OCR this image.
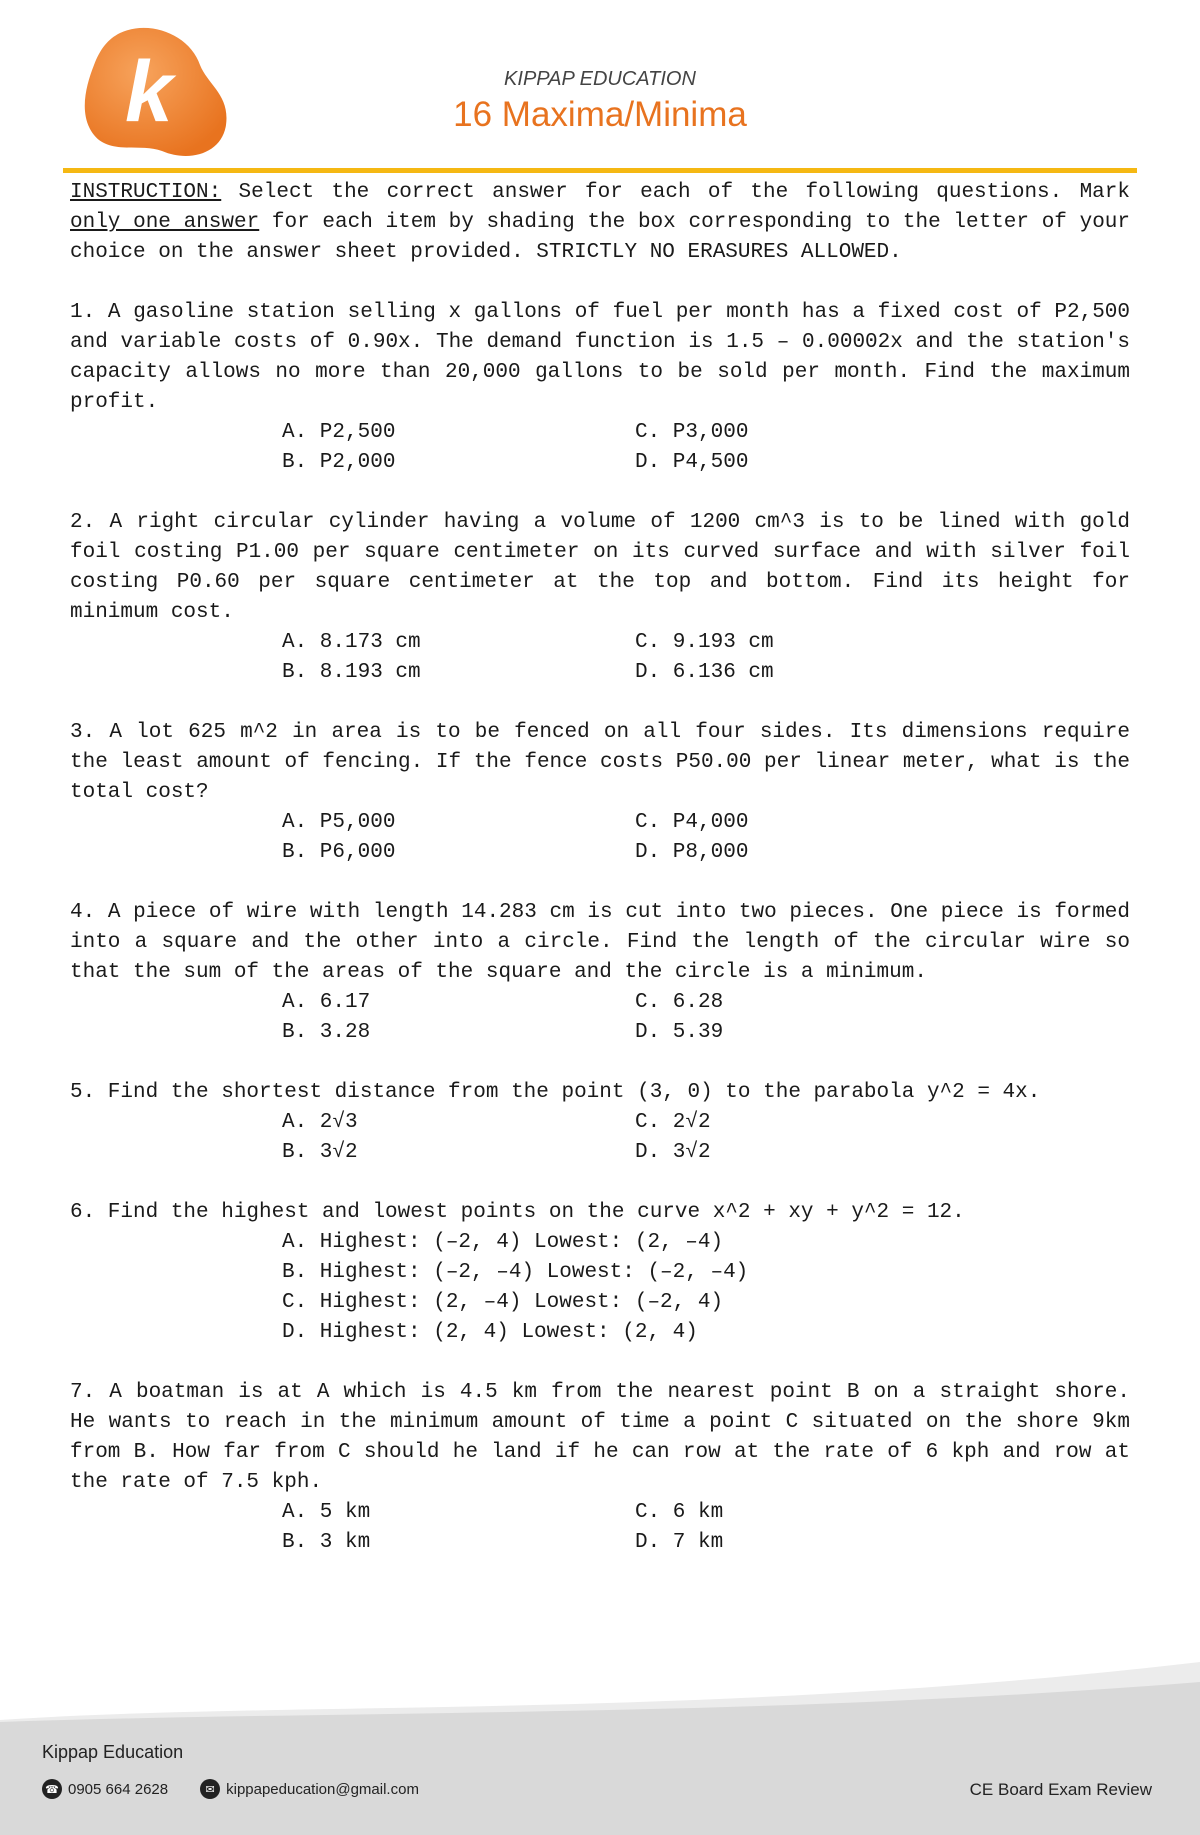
k	KIPPAP EDUCATION
16 Maxima/Minima
INSTRUCTION: Select the correct answer for each of the following questions. Mark only one answer for each item by shading the box corresponding to the letter of your choice on the answer sheet provided. STRICTLY NO ERASURES ALLOWED.
1. A gasoline station selling x gallons of fuel per month has a fixed cost of P2,500 and variable costs of 0.90x. The demand function is 1.5 – 0.00002x and the station's capacity allows no more than 20,000 gallons to be sold per month. Find the maximum profit.
A. P2,500	C. P3,000
B. P2,000	D. P4,500
2. A right circular cylinder having a volume of 1200 cm^3 is to be lined with gold foil costing P1.00 per square centimeter on its curved surface and with silver foil costing P0.60 per square centimeter at the top and bottom. Find its height for minimum cost.
A. 8.173 cm	C. 9.193 cm
B. 8.193 cm	D. 6.136 cm
3. A lot 625 m^2 in area is to be fenced on all four sides. Its dimensions require the least amount of fencing. If the fence costs P50.00 per linear meter, what is the total cost?
A. P5,000	C. P4,000
B. P6,000	D. P8,000
4. A piece of wire with length 14.283 cm is cut into two pieces. One piece is formed into a square and the other into a circle. Find the length of the circular wire so that the sum of the areas of the square and the circle is a minimum.
A. 6.17	C. 6.28
B. 3.28	D. 5.39
5. Find the shortest distance from the point (3, 0) to the parabola y^2 = 4x.
A. 2√3	C. 2√2
B. 3√2	D. 3√2
6. Find the highest and lowest points on the curve x^2 + xy + y^2 = 12.
A. Highest: (–2, 4) Lowest: (2, –4)
B. Highest: (–2, –4) Lowest: (–2, –4)
C. Highest: (2, –4) Lowest: (–2, 4)
D. Highest: (2, 4) Lowest: (2, 4)
7. A boatman is at A which is 4.5 km from the nearest point B on a straight shore. He wants to reach in the minimum amount of time a point C situated on the shore 9km from B. How far from C should he land if he can row at the rate of 6 kph and row at the rate of 7.5 kph.
A. 5 km	C. 6 km
B. 3 km	D. 7 km
Kippap Education
☎ 0905 664 2628	✉ kippapeducation@gmail.com	CE Board Exam Review
